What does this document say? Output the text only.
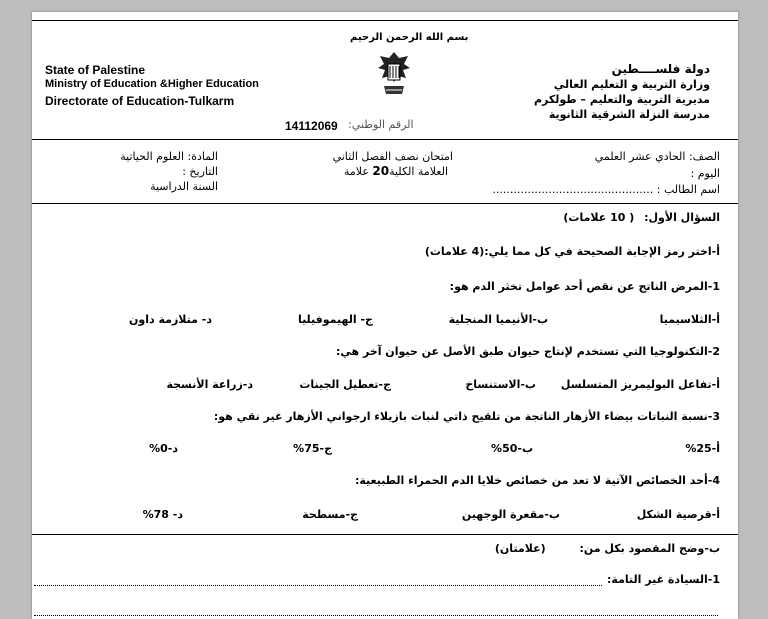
بسم الله الرحمن الرحيم
State of Palestine
Ministry of Education &Higher Education
Directorate of Education-Tulkarm
14112069 الرقم الوطني:
دولة فلســــطين
وزارة التربية و التعليم العالي
مديرية التربية والتعليم – طولكرم
مدرسة النزلة الشرقية الثانوية
المادة: العلوم الحياتية
التاريخ :
السنة الدراسية
امتحان نصف الفصل الثاني
العلامة الكلية20 علامة
الصف: الحادي عشر العلمي
اليوم :
اسم الطالب : ..............................................
السؤال الأول: ( 10 علامات)
أ-اختر رمز الإجابة الصحيحة في كل مما يلي:(4 علامات)
1-المرض الناتج عن نقص أحد عوامل تخثر الدم هو:
أ-الثلاسيميا
ب-الأنيميا المنجلية
ج- الهيموفيليا
د- متلازمة داون
2-التكنولوجيا التي تستخدم لإنتاج حيوان طبق الأصل عن حيوان آخر هي:
أ-تفاعل البوليمريز المتسلسل
ب-الاستنساخ
ج-تعطيل الجينات
د-زراعة الأنسجة
3-نسبة النباتات بيضاء الأزهار الناتجة من تلقيح ذاتي لنبات بازيلاء ارجواني الأزهار غير نقي هو:
أ-25%
ب-50%
ج-75%
د-0%
4-أحد الخصائص الآتية لا تعد من خصائص خلايا الدم الحمراء الطبيعية:
أ-قرصية الشكل
ب-مقعرة الوجهين
ج-مسطحة
د- 78%
ب-وضح المقصود بكل من: (علامتان)
1-السيادة غير التامة:
